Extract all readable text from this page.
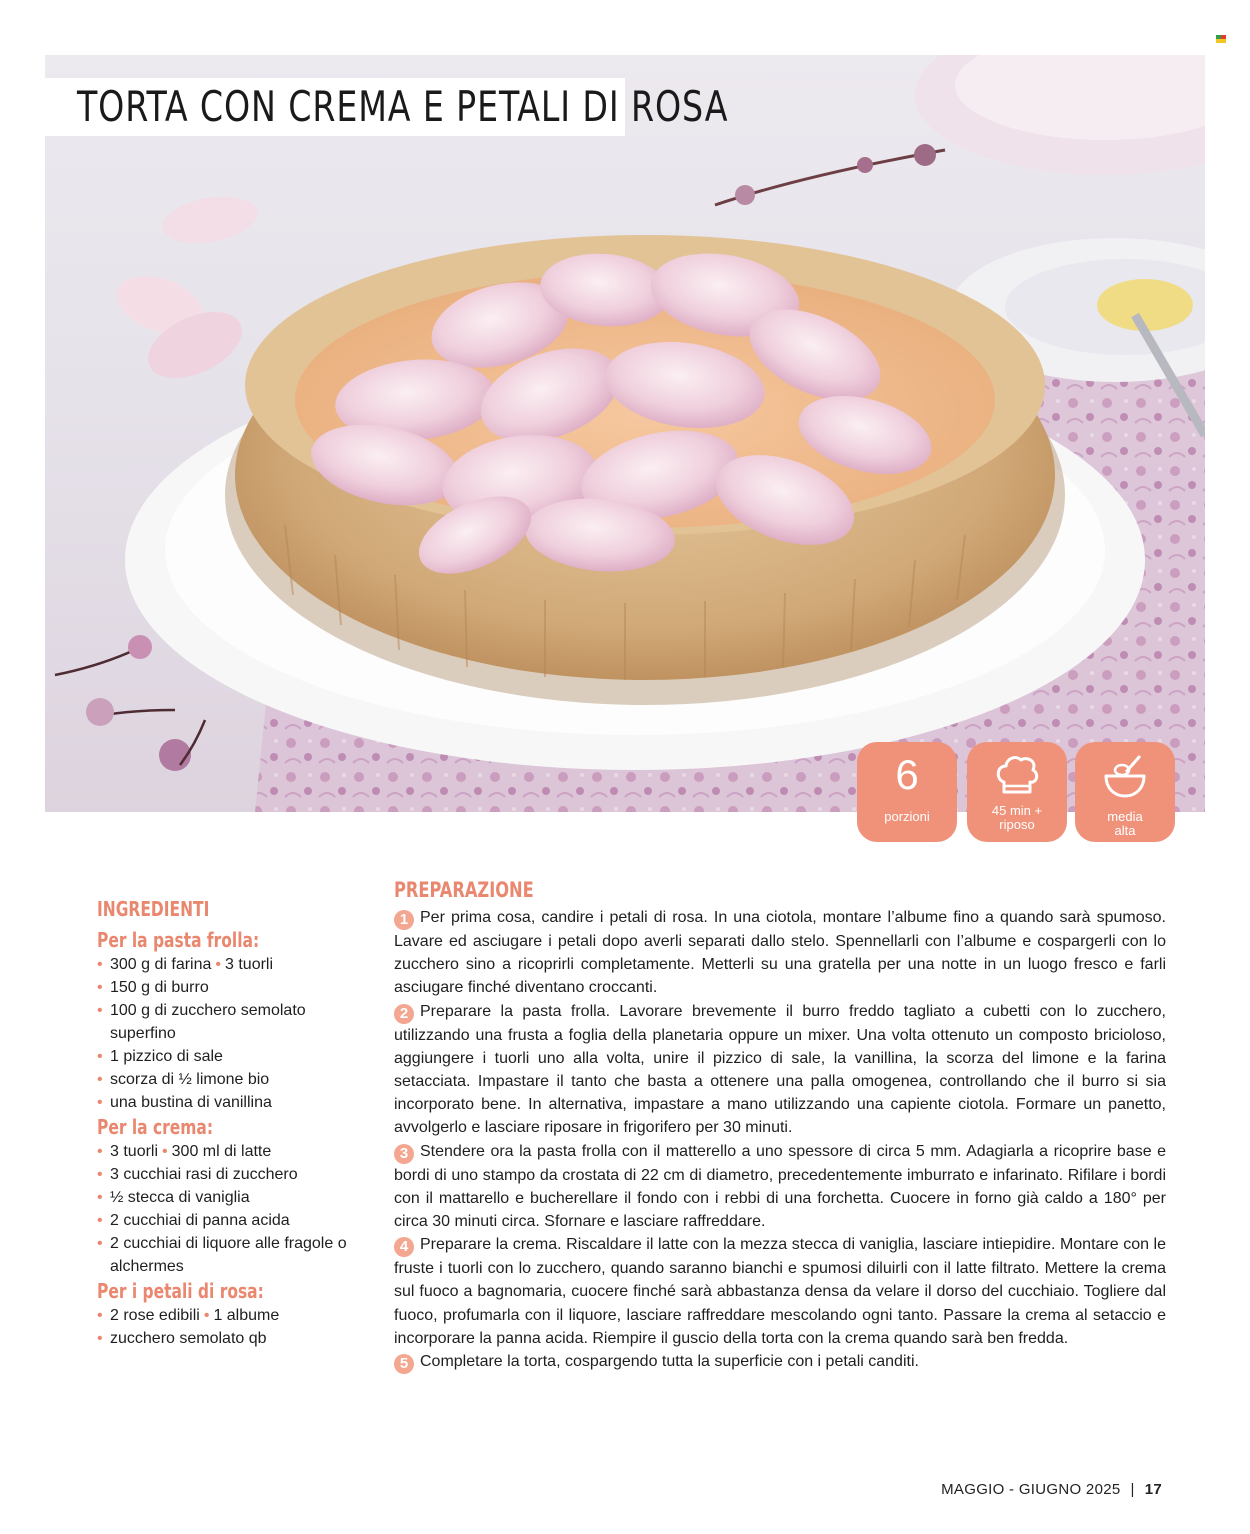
TORTA CON CREMA E PETALI DI ROSA
6
porzioni	45 min +
riposo
media
alta
INGREDIENTI
Per la pasta frolla:
• 300 g di farina • 3 tuorli
• 150 g di burro
• 100 g di zucchero semolato superfino
• 1 pizzico di sale
• scorza di ½ limone bio
• una bustina di vanillina
Per la crema:
• 3 tuorli • 300 ml di latte
• 3 cucchiai rasi di zucchero
• ½ stecca di vaniglia
• 2 cucchiai di panna acida
• 2 cucchiai di liquore alle fragole o alchermes
Per i petali di rosa:
• 2 rose edibili • 1 albume
• zucchero semolato qb
PREPARAZIONE
1 Per prima cosa, candire i petali di rosa. In una ciotola, montare l’albume fino a quando sarà spumoso. Lavare ed asciugare i petali dopo averli separati dallo stelo. Spennellarli con l’albume e cospargerli con lo zucchero sino a ricoprirli completamente. Metterli su una gratella per una notte in un luogo fresco e farli asciugare finché diventano croccanti.
2 Preparare la pasta frolla. Lavorare brevemente il burro freddo tagliato a cubetti con lo zucchero, utilizzando una frusta a foglia della planetaria oppure un mixer. Una volta ottenuto un composto bricioloso, aggiungere i tuorli uno alla volta, unire il pizzico di sale, la vanillina, la scorza del limone e la farina setacciata. Impastare il tanto che basta a ottenere una palla omogenea, controllando che il burro si sia incorporato bene. In alternativa, impastare a mano utilizzando una capiente ciotola. Formare un panetto, avvolgerlo e lasciare riposare in frigorifero per 30 minuti.
3 Stendere ora la pasta frolla con il matterello a uno spessore di circa 5 mm. Adagiarla a ricoprire base e bordi di uno stampo da crostata di 22 cm di diametro, precedentemente imburrato e infarinato. Rifilare i bordi con il mattarello e bucherellare il fondo con i rebbi di una forchetta. Cuocere in forno già caldo a 180° per circa 30 minuti circa. Sfornare e lasciare raffreddare.
4 Preparare la crema. Riscaldare il latte con la mezza stecca di vaniglia, lasciare intiepidire. Montare con le fruste i tuorli con lo zucchero, quando saranno bianchi e spumosi diluirli con il latte filtrato. Mettere la crema sul fuoco a bagnomaria, cuocere finché sarà abbastanza densa da velare il dorso del cucchiaio. Togliere dal fuoco, profumarla con il liquore, lasciare raffreddare mescolando ogni tanto. Passare la crema al setaccio e incorporare la panna acida. Riempire il guscio della torta con la crema quando sarà ben fredda.
5 Completare la torta, cospargendo tutta la superficie con i petali canditi.
MAGGIO - GIUGNO 2025 | 17
